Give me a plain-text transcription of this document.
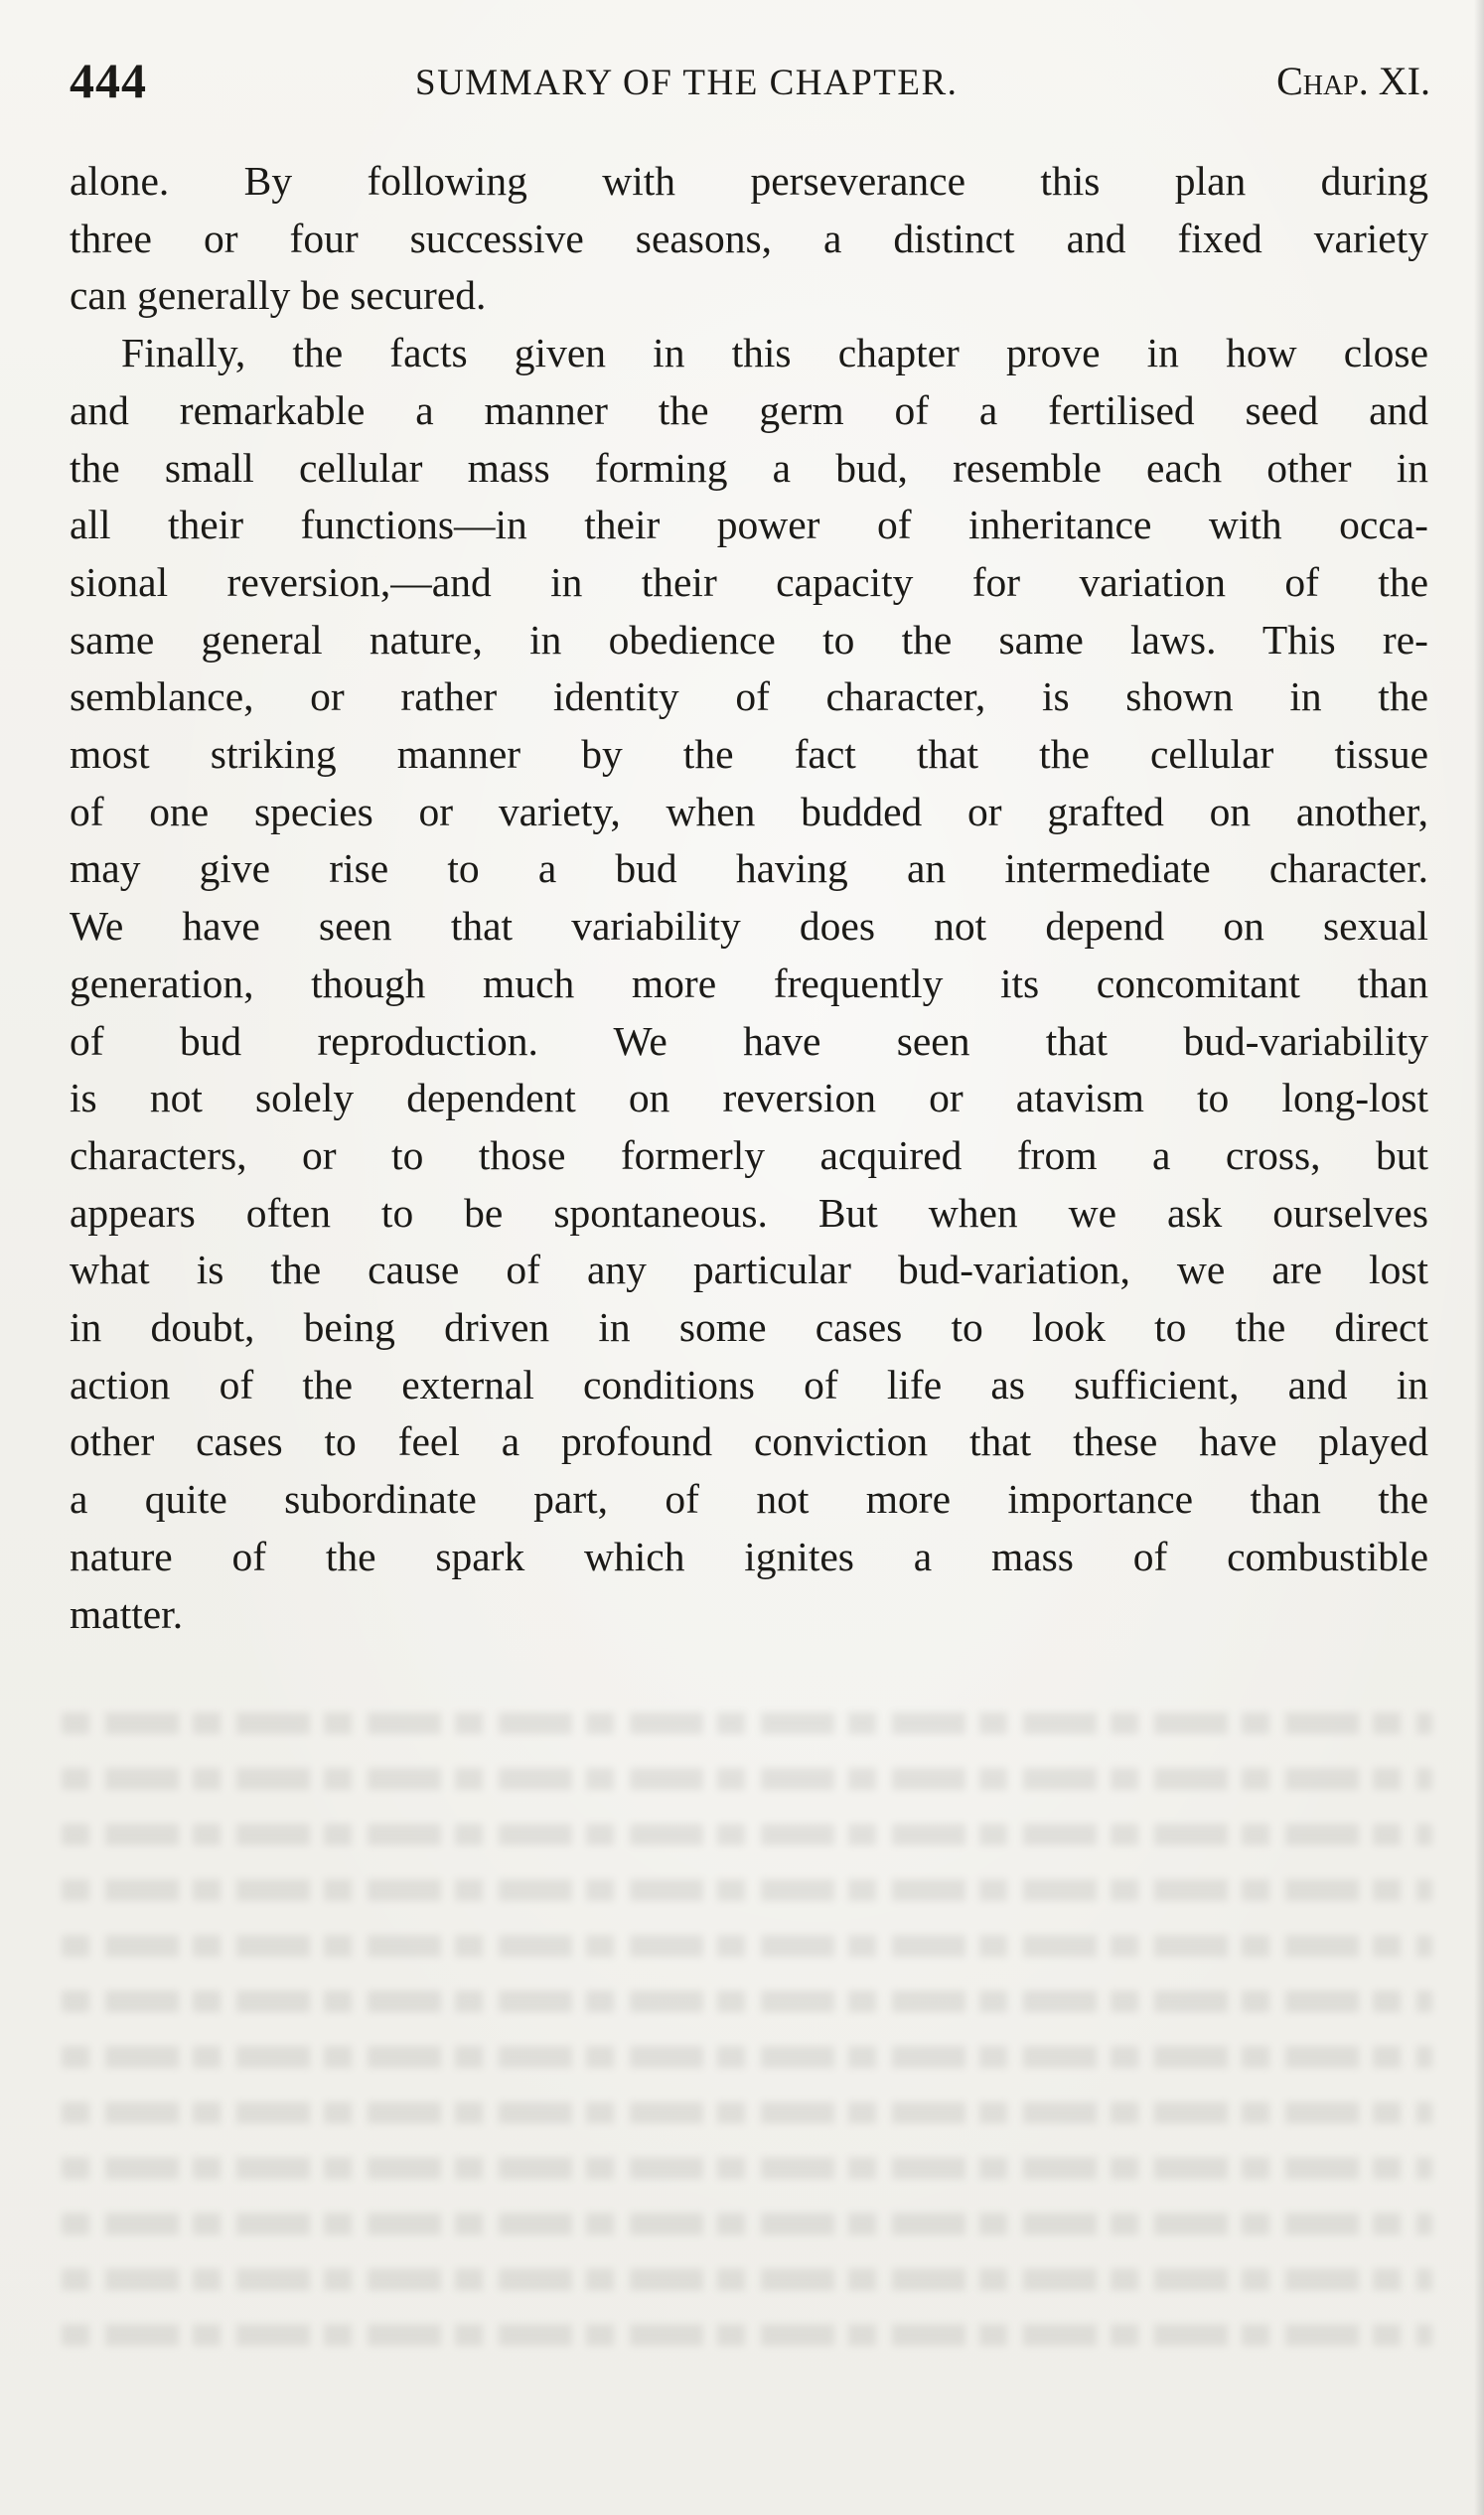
444	SUMMARY OF THE CHAPTER.	Chap. XI.

alone. By following with perseverance this plan during

three or four successive seasons, a distinct and fixed variety

can generally be secured.

Finally, the facts given in this chapter prove in how close

and remarkable a manner the germ of a fertilised seed and

the small cellular mass forming a bud, resemble each other in

all their functions—in their power of inheritance with occa-

sional reversion,—and in their capacity for variation of the

same general nature, in obedience to the same laws. This re-

semblance, or rather identity of character, is shown in the

most striking manner by the fact that the cellular tissue

of one species or variety, when budded or grafted on another,

may give rise to a bud having an intermediate character.

We have seen that variability does not depend on sexual

generation, though much more frequently its concomitant than

of bud reproduction. We have seen that bud-variability

is not solely dependent on reversion or atavism to long-lost

characters, or to those formerly acquired from a cross, but

appears often to be spontaneous. But when we ask ourselves

what is the cause of any particular bud-variation, we are lost

in doubt, being driven in some cases to look to the direct

action of the external conditions of life as sufficient, and in

other cases to feel a profound conviction that these have played

a quite subordinate part, of not more importance than the

nature of the spark which ignites a mass of combustible

matter.
